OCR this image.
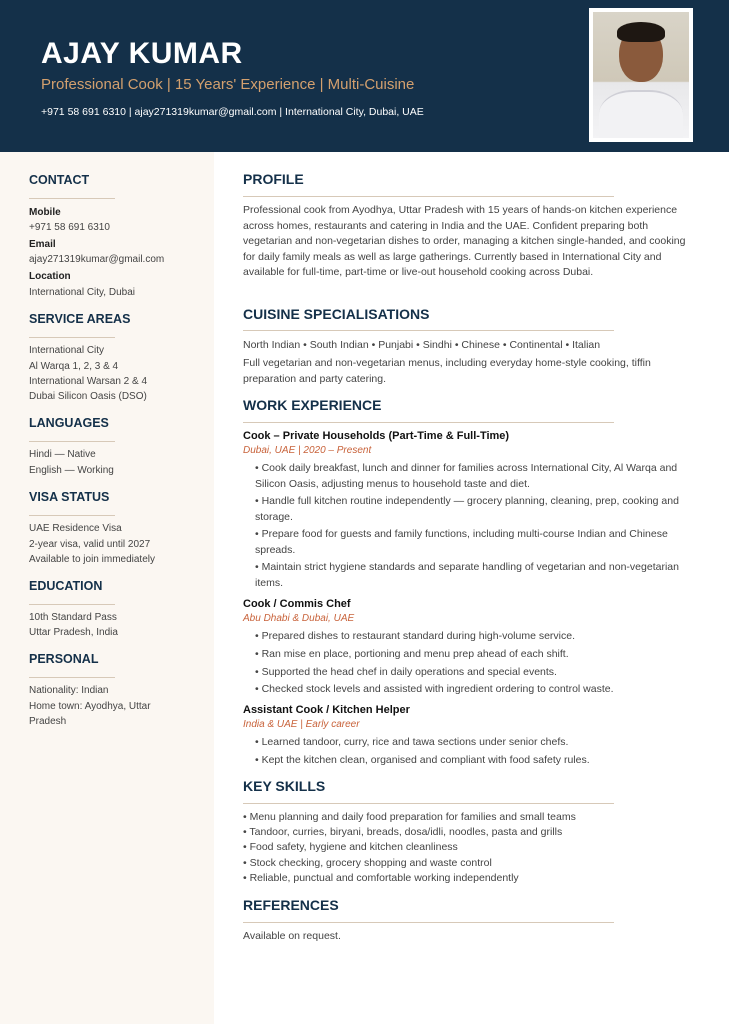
AJAY KUMAR
Professional Cook | 15 Years' Experience | Multi-Cuisine
+971 58 691 6310 | ajay271319kumar@gmail.com | International City, Dubai, UAE
CONTACT
Mobile
+971 58 691 6310
Email
ajay271319kumar@gmail.com
Location
International City, Dubai
SERVICE AREAS
International City
Al Warqa 1, 2, 3 & 4
International Warsan 2 & 4
Dubai Silicon Oasis (DSO)
LANGUAGES
Hindi — Native
English — Working
VISA STATUS
UAE Residence Visa
2-year visa, valid until 2027
Available to join immediately
EDUCATION
10th Standard Pass
Uttar Pradesh, India
PERSONAL
Nationality: Indian
Home town: Ayodhya, Uttar
Pradesh
PROFILE
Professional cook from Ayodhya, Uttar Pradesh with 15 years of hands-on kitchen experience across homes, restaurants and catering in India and the UAE. Confident preparing both vegetarian and non-vegetarian dishes to order, managing a kitchen single-handed, and cooking for daily family meals as well as large gatherings. Currently based in International City and available for full-time, part-time or live-out household cooking across Dubai.
CUISINE SPECIALISATIONS
North Indian • South Indian • Punjabi • Sindhi • Chinese • Continental • Italian
Full vegetarian and non-vegetarian menus, including everyday home-style cooking, tiffin preparation and party catering.
WORK EXPERIENCE
Cook – Private Households (Part-Time & Full-Time)
Dubai, UAE | 2020 – Present
• Cook daily breakfast, lunch and dinner for families across International City, Al Warqa and Silicon Oasis, adjusting menus to household taste and diet.
• Handle full kitchen routine independently — grocery planning, cleaning, prep, cooking and storage.
• Prepare food for guests and family functions, including multi-course Indian and Chinese spreads.
• Maintain strict hygiene standards and separate handling of vegetarian and non-vegetarian items.
Cook / Commis Chef
Abu Dhabi & Dubai, UAE
• Prepared dishes to restaurant standard during high-volume service.
• Ran mise en place, portioning and menu prep ahead of each shift.
• Supported the head chef in daily operations and special events.
• Checked stock levels and assisted with ingredient ordering to control waste.
Assistant Cook / Kitchen Helper
India & UAE | Early career
• Learned tandoor, curry, rice and tawa sections under senior chefs.
• Kept the kitchen clean, organised and compliant with food safety rules.
KEY SKILLS
• Menu planning and daily food preparation for families and small teams
• Tandoor, curries, biryani, breads, dosa/idli, noodles, pasta and grills
• Food safety, hygiene and kitchen cleanliness
• Stock checking, grocery shopping and waste control
• Reliable, punctual and comfortable working independently
REFERENCES
Available on request.
